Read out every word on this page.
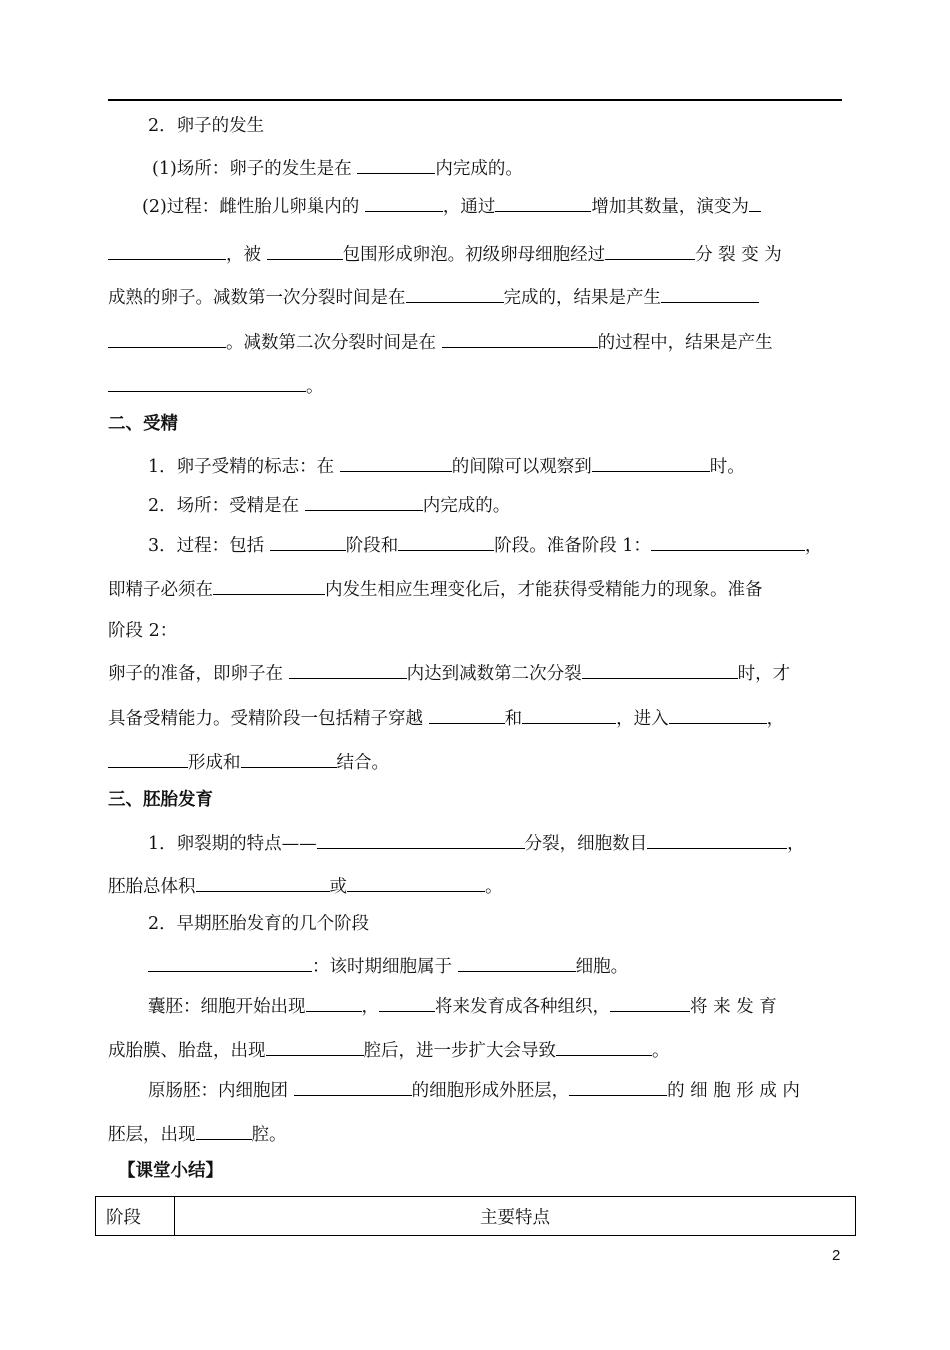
2．卵子的发生
(1)场所：卵子的发生是在	内完成的。
(2)过程：雌性胎儿卵巢内的	，通过	增加其数量，演变为
，被	包围形成卵泡。初级卵母细胞经过	分 裂 变 为
成熟的卵子。减数第一次分裂时间是在	完成的，结果是产生
。减数第二次分裂时间是在	的过程中，结果是产生
。
二、受精
1．卵子受精的标志：在	的间隙可以观察到	时。
2．场所：受精是在	内完成的。
3．过程：包括	阶段和	阶段。准备阶段 1：	，
即精子必须在	内发生相应生理变化后，才能获得受精能力的现象。准备
阶段 2：
卵子的准备，即卵子在	内达到减数第二次分裂	时，才
具备受精能力。受精阶段一包括精子穿越	和	，进入	，
形成和	结合。
三、胚胎发育
1．卵裂期的特点——	分裂，细胞数目	，
胚胎总体积	或	。
2．早期胚胎发育的几个阶段
：该时期细胞属于	细胞。
囊胚：细胞开始出现	，	将来发育成各种组织，	将 来 发 育
成胎膜、胎盘，出现	腔后，进一步扩大会导致	。
原肠胚：内细胞团	的细胞形成外胚层，	的 细 胞 形 成 内
胚层，出现	腔。
【课堂小结】
阶段	主要特点
2
